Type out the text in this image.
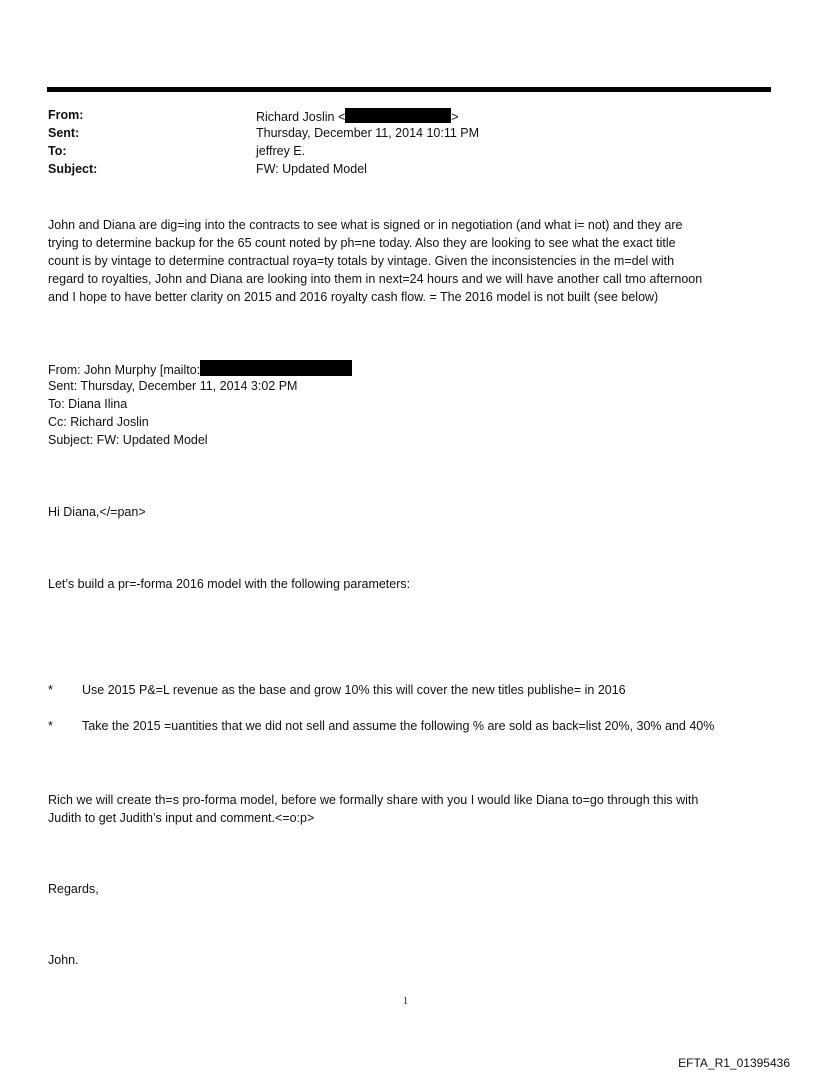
From:	Richard Joslin <	>
Sent:	Thursday, December 11, 2014 10:11 PM
To:	jeffrey E.
Subject:	FW: Updated Model
John and Diana are dig=ing into the contracts to see what is signed or in negotiation (and what i= not) and they are
trying to determine backup for the 65 count noted by ph=ne today. Also they are looking to see what the exact title
count is by vintage to determine contractual roya=ty totals by vintage. Given the inconsistencies in the m=del with
regard to royalties, John and Diana are looking into them in next=24 hours and we will have another call tmo afternoon
and I hope to have better clarity on 2015 and 2016 royalty cash flow. = The 2016 model is not built (see below)
From: John Murphy [mailto:
Sent: Thursday, December 11, 2014 3:02 PM
To: Diana Ilina
Cc: Richard Joslin
Subject: FW: Updated Model
Hi Diana,</=pan>
Let’s build a pr=-forma 2016 model with the following parameters:
* Use 2015 P&=L revenue as the base and grow 10% this will cover the new titles publishe= in 2016
* Take the 2015 =uantities that we did not sell and assume the following % are sold as back=list 20%, 30% and 40%
Rich we will create th=s pro-forma model, before we formally share with you I would like Diana to=go through this with
Judith to get Judith’s input and comment.<=o:p>
Regards,
John.
1
EFTA_R1_01395436
